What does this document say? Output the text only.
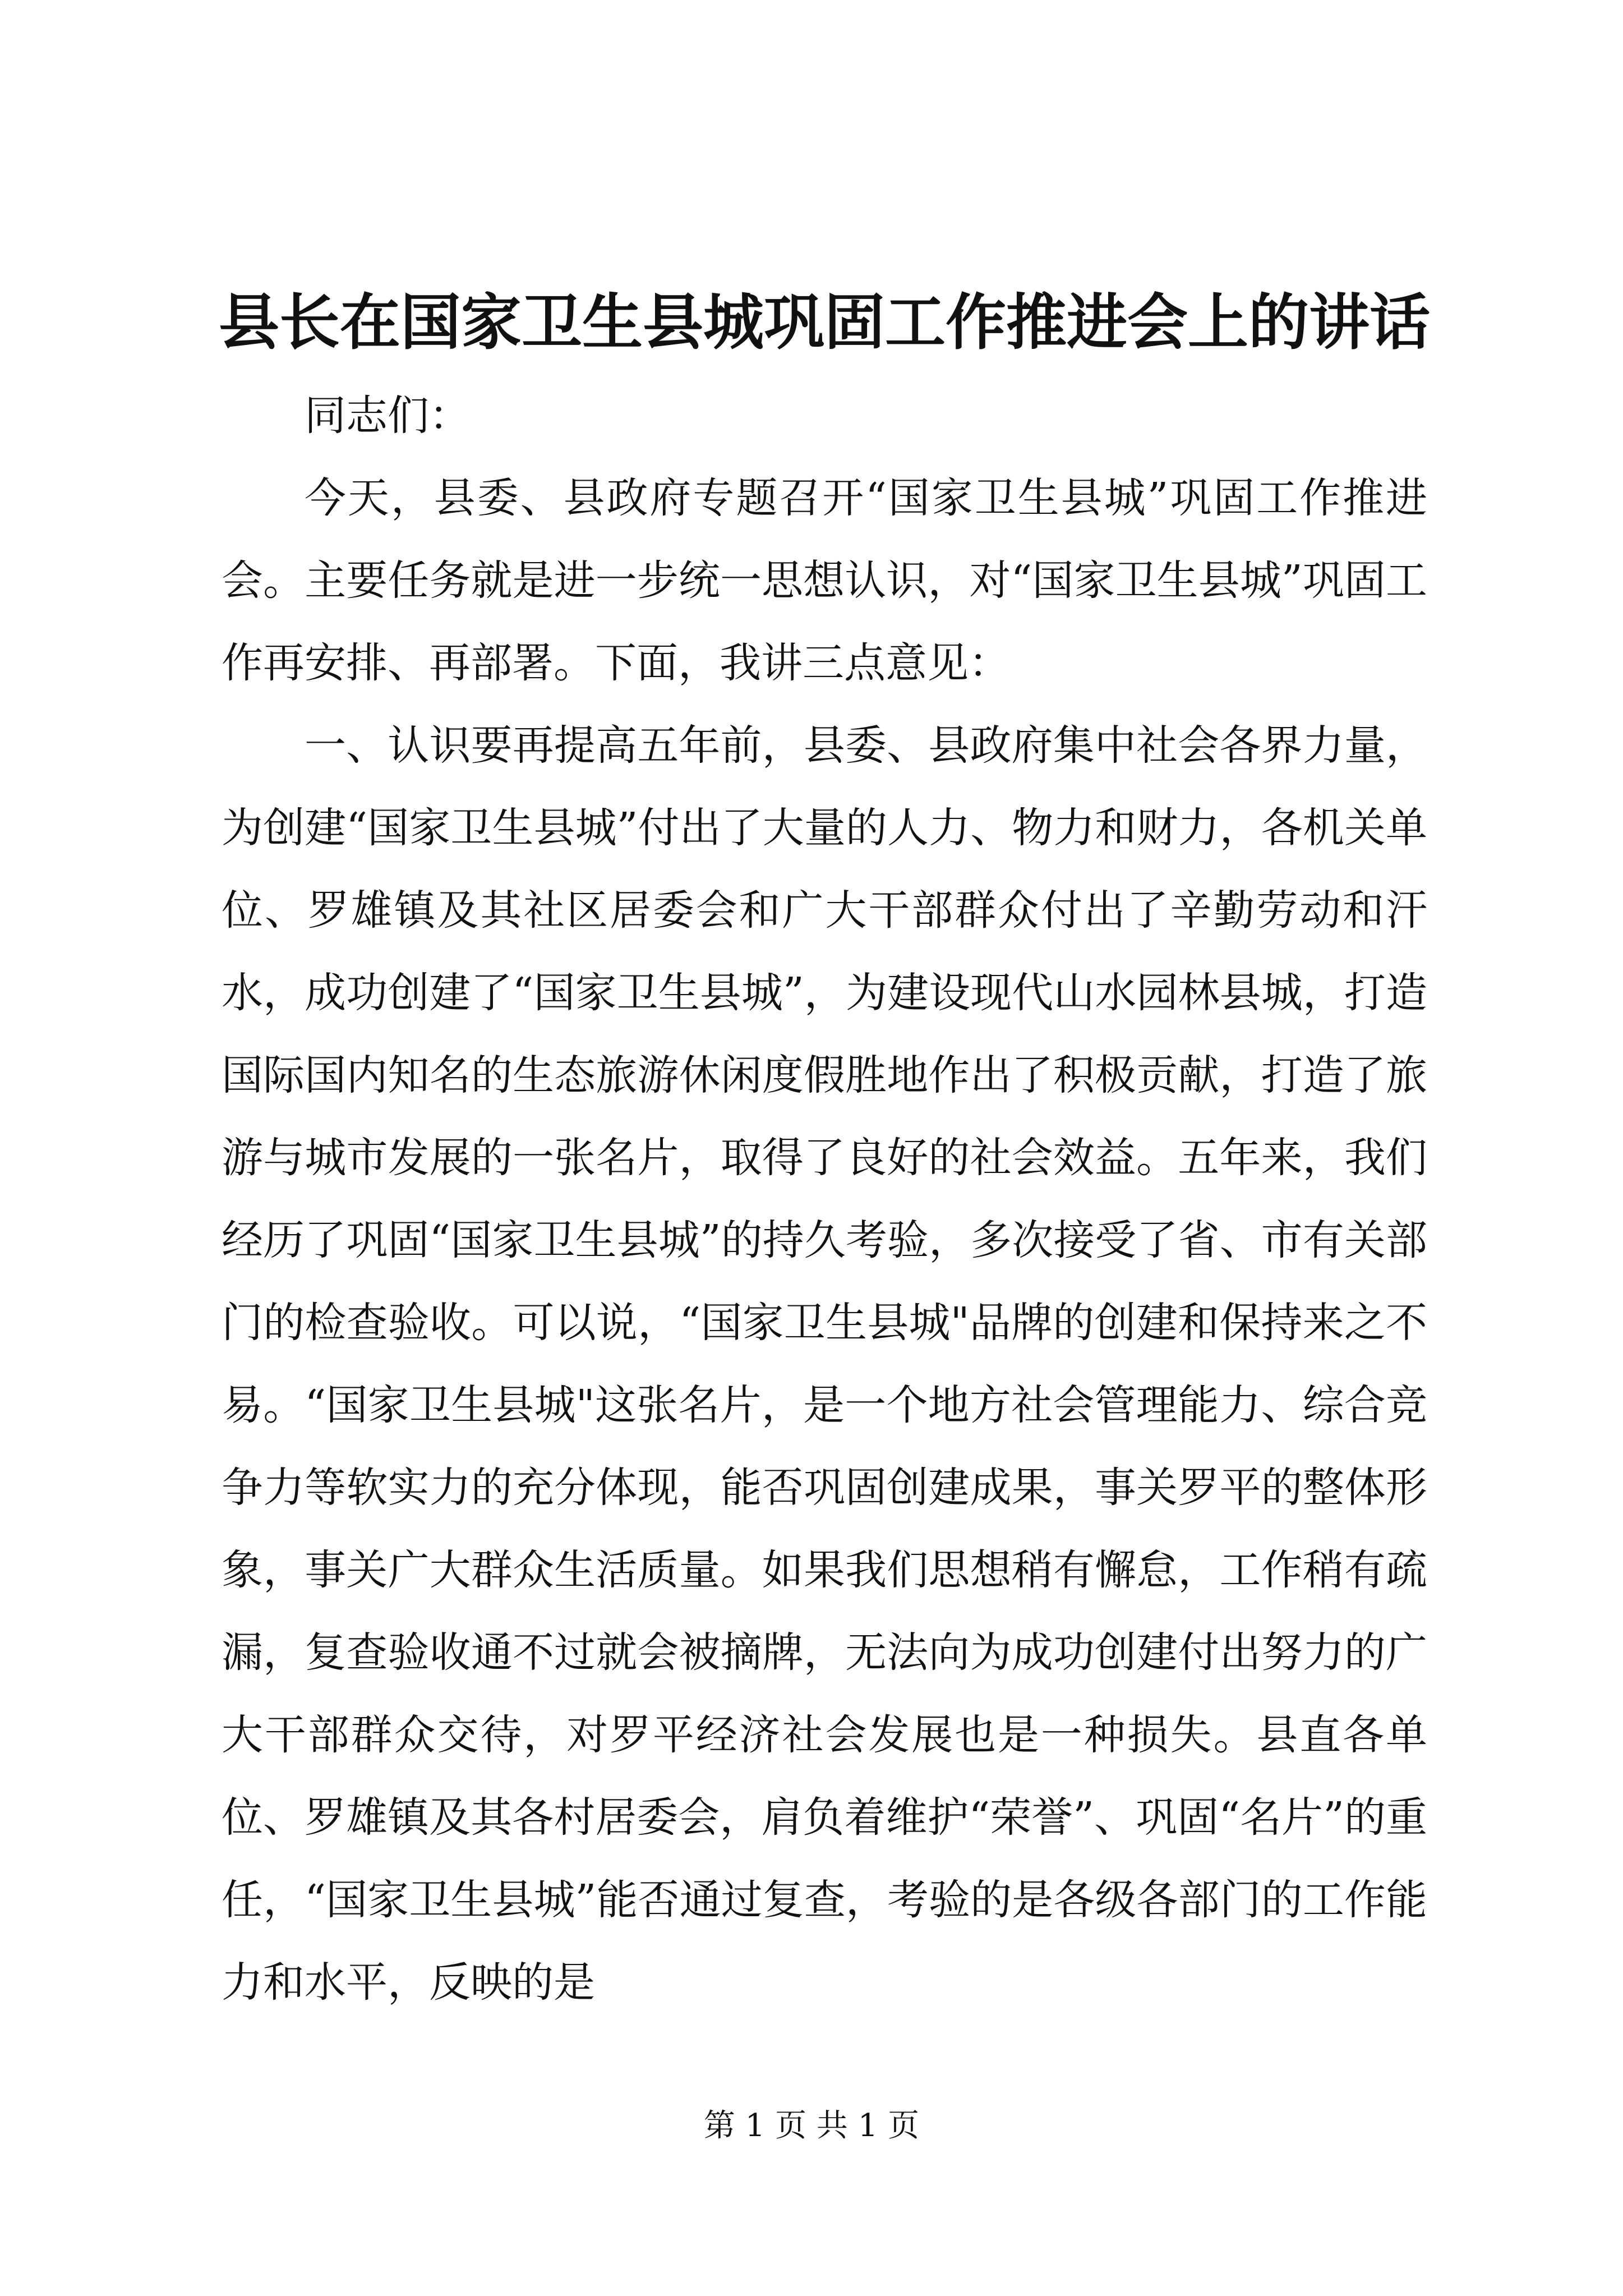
县长在国家卫生县城巩固工作推进会上的讲话

同志们：

今天，县委、县政府专题召开“国家卫生县城”巩固工作推进会。主要任务就是进一步统一思想认识，对“国家卫生县城”巩固工作再安排、再部署。下面，我讲三点意见：

一、认识要再提高五年前，县委、县政府集中社会各界力量，为创建“国家卫生县城”付出了大量的人力、物力和财力，各机关单位、罗雄镇及其社区居委会和广大干部群众付出了辛勤劳动和汗水，成功创建了“国家卫生县城”，为建设现代山水园林县城，打造国际国内知名的生态旅游休闲度假胜地作出了积极贡献，打造了旅游与城市发展的一张名片，取得了良好的社会效益。五年来，我们经历了巩固“国家卫生县城”的持久考验，多次接受了省、市有关部门的检查验收。可以说，“国家卫生县城"品牌的创建和保持来之不易。“国家卫生县城"这张名片，是一个地方社会管理能力、综合竞争力等软实力的充分体现，能否巩固创建成果，事关罗平的整体形象，事关广大群众生活质量。如果我们思想稍有懈怠，工作稍有疏漏，复查验收通不过就会被摘牌，无法向为成功创建付出努力的广大干部群众交待，对罗平经济社会发展也是一种损失。县直各单位、罗雄镇及其各村居委会，肩负着维护“荣誉”、巩固“名片”的重任，“国家卫生县城”能否通过复查，考验的是各级各部门的工作能力和水平，反映的是

第 1 页 共 1 页
